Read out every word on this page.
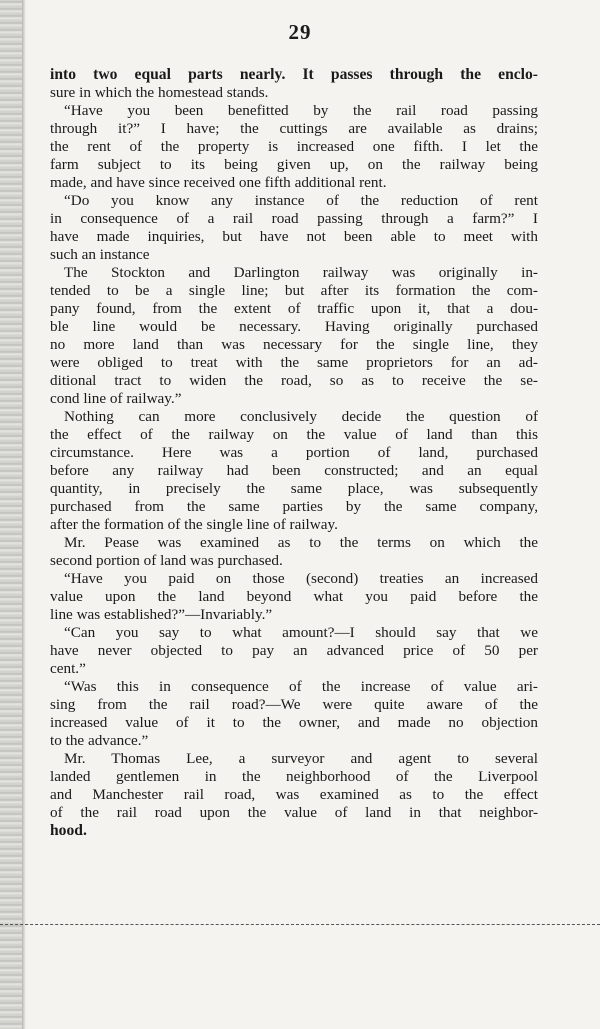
29
into two equal parts nearly. It passes through the enclo-
sure in which the homestead stands.
“Have you been benefitted by the rail road passing
through it?” I have; the cuttings are available as drains;
the rent of the property is increased one fifth. I let the
farm subject to its being given up, on the railway being
made, and have since received one fifth additional rent.
“Do you know any instance of the reduction of rent
in consequence of a rail road passing through a farm?” I
have made inquiries, but have not been able to meet with
such an instance
The Stockton and Darlington railway was originally in-
tended to be a single line; but after its formation the com-
pany found, from the extent of traffic upon it, that a dou-
ble line would be necessary. Having originally purchased
no more land than was necessary for the single line, they
were obliged to treat with the same proprietors for an ad-
ditional tract to widen the road, so as to receive the se-
cond line of railway.”
Nothing can more conclusively decide the question of
the effect of the railway on the value of land than this
circumstance. Here was a portion of land, purchased
before any railway had been constructed; and an equal
quantity, in precisely the same place, was subsequently
purchased from the same parties by the same company,
after the formation of the single line of railway.
Mr. Pease was examined as to the terms on which the
second portion of land was purchased.
“Have you paid on those (second) treaties an increased
value upon the land beyond what you paid before the
line was established?”—Invariably.”
“Can you say to what amount?—I should say that we
have never objected to pay an advanced price of 50 per
cent.”
“Was this in consequence of the increase of value ari-
sing from the rail road?—We were quite aware of the
increased value of it to the owner, and made no objection
to the advance.”
Mr. Thomas Lee, a surveyor and agent to several
landed gentlemen in the neighborhood of the Liverpool
and Manchester rail road, was examined as to the effect
of the rail road upon the value of land in that neighbor-
hood.
